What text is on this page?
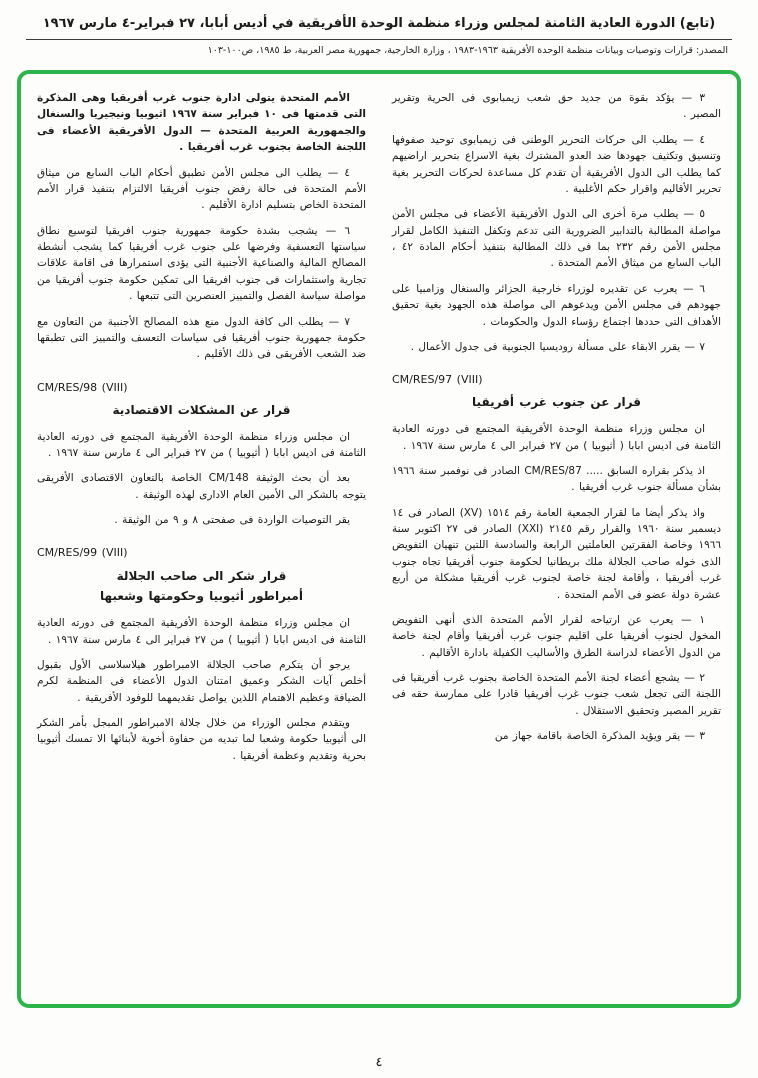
(تابع) الدورة العادية الثامنة لمجلس وزراء منظمة الوحدة الأفريقية في أديس أبابا، ٢٧ فبراير-٤ مارس ١٩٦٧
المصدر: قرارات وتوصيات وبيانات منظمة الوحدة الأفريقية ١٩٦٣-١٩٨٣ ، وزارة الخارجية، جمهورية مصر العربية، ط ١٩٨٥، ص١٠٠-١٠٣
٣ — يؤكد بقوة من جديد حق شعب زيمبابوى فى الحرية وتقرير المصير .
٤ — يطلب الى حركات التحرير الوطنى فى زيمبابوى توحيد صفوفها وتنسيق وتكثيف جهودها ضد العدو المشترك بغية الاسراع بتحرير اراضيهم كما يطلب الى الدول الأفريقية أن تقدم كل مساعدة لحركات التحرير بغية تحرير الأقاليم واقرار حكم الأغلبية .
٥ — يطلب مرة أخرى الى الدول الأفريقية الأعضاء فى مجلس الأمن مواصلة المطالبة بالتدابير الضرورية التى تدعم وتكفل التنفيذ الكامل لقرار مجلس الأمن رقم ٢٣٢ بما فى ذلك المطالبة بتنفيذ أحكام المادة ٤٢ ، الباب السابع من ميثاق الأمم المتحدة .
٦ — يعرب عن تقديره لوزراء خارجية الجزائر والسنغال وزامبيا على جهودهم فى مجلس الأمن ويدعوهم الى مواصلة هذه الجهود بغية تحقيق الأهداف التى حددها اجتماع رؤساء الدول والحكومات .
٧ — يقرر الابقاء على مسألة روديسيا الجنوبية فى جدول الأعمال .
CM/RES/97 (VIII)
قرار عن جنوب غرب أفريقيا
ان مجلس وزراء منظمة الوحدة الأفريقية المجتمع فى دورته العادية الثامنة فى اديس ابابا ( أثيوبيا ) من ٢٧ فبراير الى ٤ مارس سنة ١٩٦٧ .
اذ يذكر بقراره السابق ..... CM/RES/87 الصادر فى نوفمبر سنة ١٩٦٦ بشأن مسألة جنوب غرب أفريقيا .
واذ يذكر أيضا ما لقرار الجمعية العامة رقم ١٥١٤ (XV) الصادر فى ١٤ ديسمبر سنة ١٩٦٠ والقرار رقم ٢١٤٥ (XXI) الصادر فى ٢٧ اكتوبر سنة ١٩٦٦ وخاصة الفقرتين العاملتين الرابعة والسادسة اللتين تنهيان التفويض الذى خوله صاحب الجلالة ملك بريطانيا لحكومة جنوب أفريقيا تجاه جنوب غرب أفريقيا ، وأقامة لجنة خاصة لجنوب غرب أفريقيا مشكلة من أربع عشرة دولة عضو فى الأمم المتحدة .
١ — يعرب عن ارتياحه لقرار الأمم المتحدة الذى أنهى التفويض المخول لجنوب أفريقيا على اقليم جنوب غرب أفريقيا وأقام لجنة خاصة من الدول الأعضاء لدراسة الطرق والأساليب الكفيلة بادارة الأقاليم .
٢ — يشجع أعضاء لجنة الأمم المتحدة الخاصة بجنوب غرب أفريقيا فى اللجنة التى تجعل شعب جنوب غرب أفريقيا قادرا على ممارسة حقه فى تقرير المصير وتحقيق الاستقلال .
٣ — يقر ويؤيد المذكرة الخاصة باقامة جهاز من
الأمم المتحدة يتولى ادارة جنوب غرب أفريقيا وهى المذكرة التى قدمتها فى ١٠ فبراير سنة ١٩٦٧ اثيوبيا ونيجيريا والسنغال والجمهورية العربية المتحدة — الدول الأفريقية الأعضاء فى اللجنة الخاصة بجنوب غرب أفريقيا .
٤ — يطلب الى مجلس الأمن تطبيق أحكام الباب السابع من ميثاق الأمم المتحدة فى حالة رفض جنوب أفريقيا الالتزام بتنفيذ قرار الأمم المتحدة الخاص بتسليم ادارة الأقليم .
٦ — يشجب بشدة حكومة جمهورية جنوب افريقيا لتوسيع نطاق سياستها التعسفية وفرضها على جنوب غرب أفريقيا كما يشجب أنشطة المصالح المالية والصناعية الأجنبية التى يؤدى استمرارها فى اقامة علاقات تجارية واستثمارات فى جنوب افريقيا الى تمكين حكومة جنوب أفريقيا من مواصلة سياسة الفصل والتمييز العنصرين التى تتبعها .
٧ — يطلب الى كافة الدول منع هذه المصالح الأجنبية من التعاون مع حكومة جمهورية جنوب أفريقيا فى سياسات التعسف والتمييز التى تطبقها ضد الشعب الأفريقى فى ذلك الأقليم .
CM/RES/98 (VIII)
قرار عن المشكلات الاقتصادية
ان مجلس وزراء منظمة الوحدة الأفريقية المجتمع فى دورته العادية الثامنة فى اديس ابابا ( أثيوبيا ) من ٢٧ فبراير الى ٤ مارس سنة ١٩٦٧ .
بعد أن بحث الوثيقة CM/148 الخاصة بالتعاون الاقتصادى الأفريقى يتوجه بالشكر الى الأمين العام الادارى لهذه الوثيقة .
يقر التوصيات الواردة فى صفحتى ٨ و ٩ من الوثيقة .
CM/RES/99 (VIII)
قرار شكر الى صاحب الجلالة
أمبراطور أثيوبيا وحكومتها وشعبها
ان مجلس وزراء منظمة الوحدة الأفريقية المجتمع فى دورته العادية الثامنة فى اديس ابابا ( أثيوبيا ) من ٢٧ فبراير الى ٤ مارس سنة ١٩٦٧ .
يرجو أن يتكرم صاحب الجلالة الامبراطور هيلاسلاسى الأول بقبول أخلص آيات الشكر وعميق امتنان الدول الأعضاء فى المنظمة لكرم الضيافة وعظيم الاهتمام اللذين يواصل تقديمهما للوفود الأفريقية .
ويتقدم مجلس الوزراء من خلال جلالة الامبراطور المبجل بأمر الشكر الى أثيوبيا حكومة وشعبا لما تبديه من حفاوة أخوية لأبنائها الا تمسك أثيوبيا بحرية وتقديم وعظمة أفريقيا .
٤
